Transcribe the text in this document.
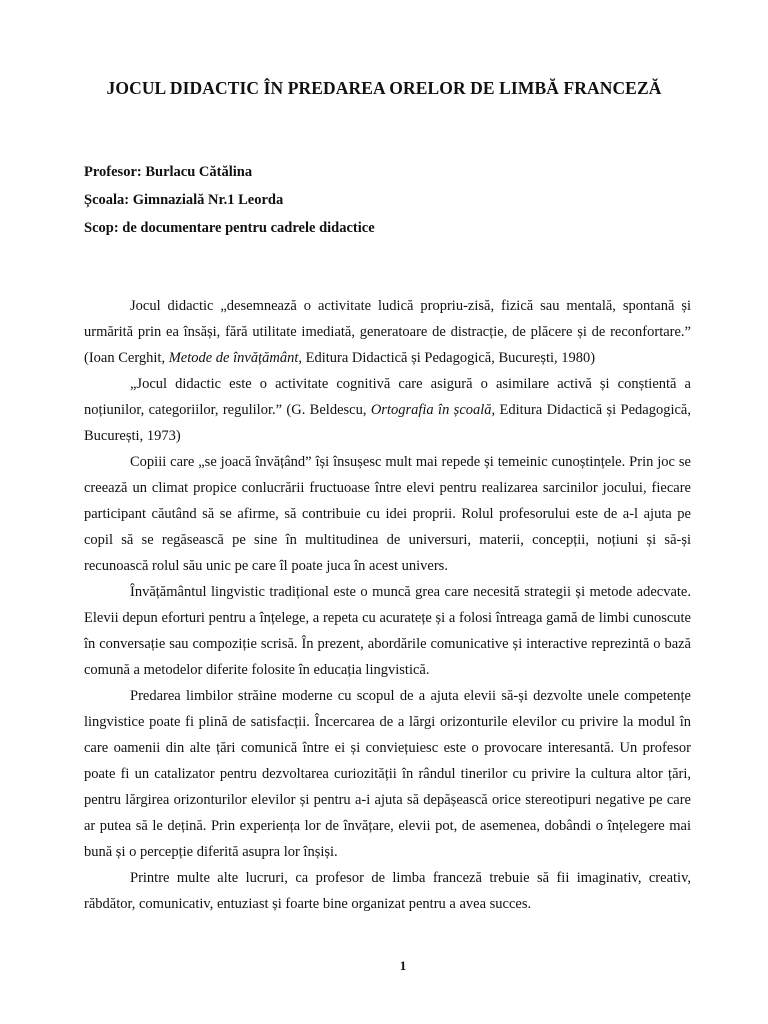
JOCUL DIDACTIC ÎN PREDAREA ORELOR DE LIMBĂ FRANCEZĂ
Profesor: Burlacu Cătălina
Școala: Gimnazială Nr.1 Leorda
Scop: de documentare pentru cadrele didactice

Jocul didactic „desemnează o activitate ludică propriu-zisă, fizică sau mentală, spontană și urmărită prin ea însăși, fără utilitate imediată, generatoare de distracție, de plăcere și de reconfortare.” (Ioan Cerghit, Metode de învățământ, Editura Didactică și Pedagogică, București, 1980)

„Jocul didactic este o activitate cognitivă care asigură o asimilare activă și conștientă a noțiunilor, categoriilor, regulilor.” (G. Beldescu, Ortografia în școală, Editura Didactică și Pedagogică, București, 1973)

Copiii care „se joacă învățând” își însușesc mult mai repede și temeinic cunoștințele. Prin joc se creează un climat propice conlucrării fructuoase între elevi pentru realizarea sarcinilor jocului, fiecare participant căutând să se afirme, să contribuie cu idei proprii. Rolul profesorului este de a-l ajuta pe copil să se regăsească pe sine în multitudinea de universuri, materii, concepții, noțiuni și să-și recunoască rolul său unic pe care îl poate juca în acest univers.

Învățământul lingvistic tradițional este o muncă grea care necesită strategii și metode adecvate. Elevii depun eforturi pentru a înțelege, a repeta cu acuratețe și a folosi întreaga gamă de limbi cunoscute în conversație sau compoziție scrisă. În prezent, abordările comunicative și interactive reprezintă o bază comună a metodelor diferite folosite în educația lingvistică.

Predarea limbilor străine moderne cu scopul de a ajuta elevii să-și dezvolte unele competențe lingvistice poate fi plină de satisfacții. Încercarea de a lărgi orizonturile elevilor cu privire la modul în care oamenii din alte țări comunică între ei și conviețuiesc este o provocare interesantă. Un profesor poate fi un catalizator pentru dezvoltarea curiozității în rândul tinerilor cu privire la cultura altor țări, pentru lărgirea orizonturilor elevilor și pentru a-i ajuta să depășească orice stereotipuri negative pe care ar putea să le dețină. Prin experiența lor de învățare, elevii pot, de asemenea, dobândi o înțelegere mai bună și o percepție diferită asupra lor înșiși.

Printre multe alte lucruri, ca profesor de limba franceză trebuie să fii imaginativ, creativ, răbdător, comunicativ, entuziast și foarte bine organizat pentru a avea succes.

1
